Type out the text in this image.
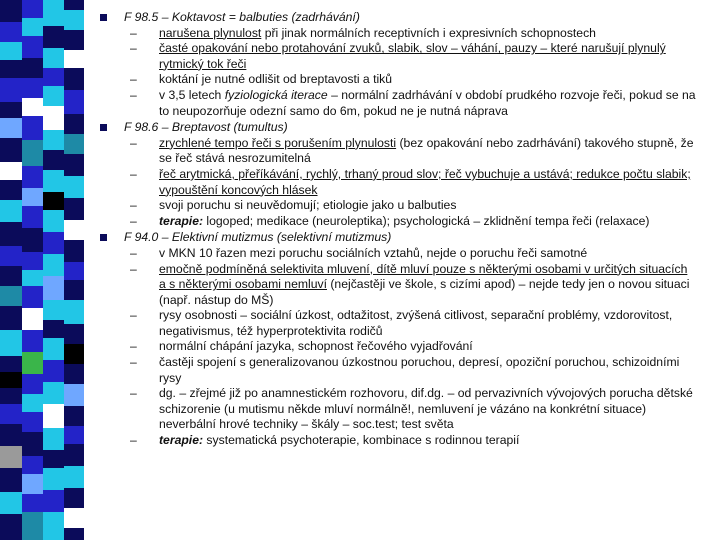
F 98.5 – Koktavost = balbuties (zadrhávání)
– narušena plynulost při jinak normálních receptivních i expresivních schopnostech
– časté opakování nebo protahování zvuků, slabik, slov – váhání, pauzy – které narušují plynulý rytmický tok řeči
– koktání je nutné odlišit od breptavosti a tiků
– v 3,5 letech fyziologická iterace – normální zadrhávání v období prudkého rozvoje řeči, pokud se na to neupozorňuje odezní samo do 6m, pokud ne je nutná náprava
F 98.6 – Breptavost (tumultus)
– zrychlené tempo řeči s porušením plynulosti (bez opakování nebo zadrhávání) takového stupně, že se řeč stává nesrozumitelná
– řeč arytmická, přeříkávání, rychlý, trhaný proud slov; řeč vybuchuje a ustává; redukce počtu slabik; vypouštění koncových hlásek
– svoji poruchu si neuvědomují; etiologie jako u balbuties
– terapie: logoped; medikace (neuroleptika); psychologická – zklidnění tempa řeči (relaxace)
F 94.0 – Elektivní mutizmus (selektivní mutizmus)
– v MKN 10 řazen mezi poruchu sociálních vztahů, nejde o poruchu řeči samotné
– emočně podmíněná selektivita mluvení, dítě mluví pouze s některými osobami v určitých situacích a s některými osobami nemluví (nejčastěji ve škole, s cizími apod) – nejde tedy jen o novou situaci (např. nástup do MŠ)
– rysy osobnosti – sociální úzkost, odtažitost, zvýšená citlivost, separační problémy, vzdorovitost, negativismus, též hyperprotektivita rodičů
– normální chápání jazyka, schopnost řečového vyjadřování
– častěji spojení s generalizovanou úzkostnou poruchou, depresí, opoziční poruchou, schizoidními rysy
– dg. – zřejmé již po anamnestickém rozhovoru, dif.dg. – od pervazivních vývojových porucha dětské schizorenie (u mutismu někde mluví normálně!, nemluvení je vázáno na konkrétní situace) neverbální hrové techniky – škály – soc.test; test světa
– terapie: systematická psychoterapie, kombinace s rodinnou terapií
